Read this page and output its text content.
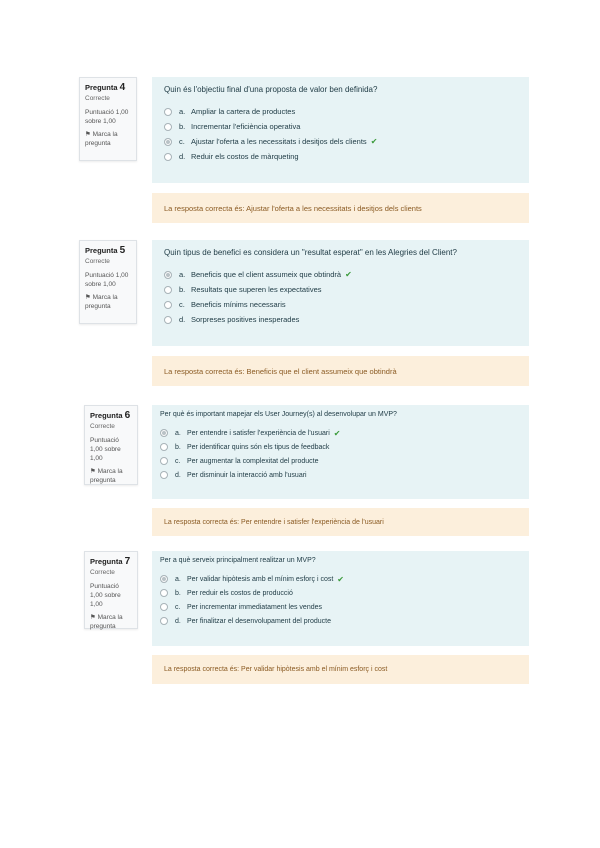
Pregunta 4
Correcte
Puntuació 1,00 sobre 1,00
⚑ Marca la pregunta
Quin és l'objectiu final d'una proposta de valor ben definida?
a. Ampliar la cartera de productes
b. Incrementar l'eficiència operativa
c. Ajustar l'oferta a les necessitats i desitjos dels clients ✔
d. Reduir els costos de màrqueting
La resposta correcta és: Ajustar l'oferta a les necessitats i desitjos dels clients
Pregunta 5
Correcte
Puntuació 1,00 sobre 1,00
⚑ Marca la pregunta
Quin tipus de benefici es considera un "resultat esperat" en les Alegries del Client?
a. Beneficis que el client assumeix que obtindrà ✔
b. Resultats que superen les expectatives
c. Beneficis mínims necessaris
d. Sorpreses positives inesperades
La resposta correcta és: Beneficis que el client assumeix que obtindrà
Pregunta 6
Correcte
Puntuació 1,00 sobre 1,00
⚑ Marca la pregunta
Per què és important mapejar els User Journey(s) al desenvolupar un MVP?
a. Per entendre i satisfer l'experiència de l'usuari ✔
b. Per identificar quins són els tipus de feedback
c. Per augmentar la complexitat del producte
d. Per disminuir la interacció amb l'usuari
La resposta correcta és: Per entendre i satisfer l'experiència de l'usuari
Pregunta 7
Correcte
Puntuació 1,00 sobre 1,00
⚑ Marca la pregunta
Per a què serveix principalment realitzar un MVP?
a. Per validar hipòtesis amb el mínim esforç i cost ✔
b. Per reduir els costos de producció
c. Per incrementar immediatament les vendes
d. Per finalitzar el desenvolupament del producte
La resposta correcta és: Per validar hipòtesis amb el mínim esforç i cost
